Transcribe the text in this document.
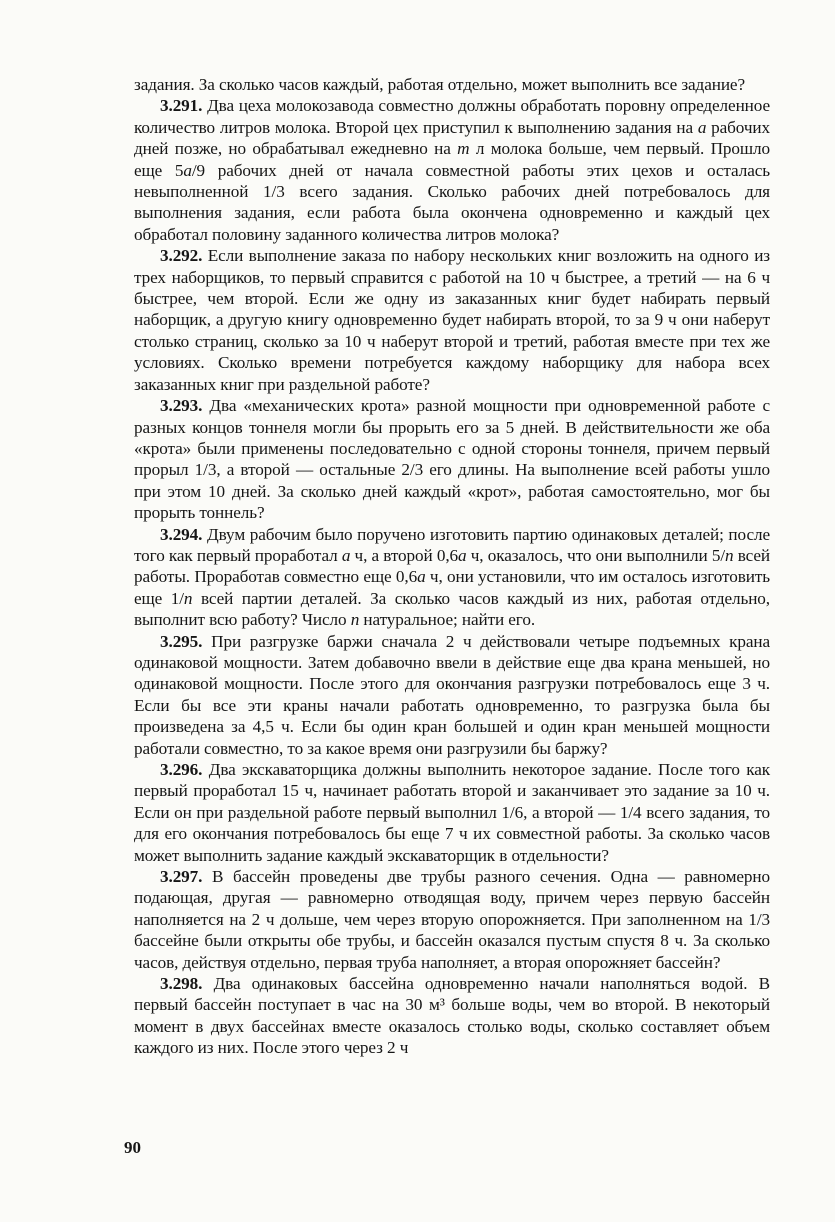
задания. За сколько часов каждый, работая отдельно, может выполнить все задание?

3.291. Два цеха молокозавода совместно должны обработать поровну определенное количество литров молока. Второй цех приступил к выполнению задания на a рабочих дней позже, но обрабатывал ежедневно на m л молока больше, чем первый. Прошло еще 5a/9 рабочих дней от начала совместной работы этих цехов и осталась невыполненной 1/3 всего задания. Сколько рабочих дней потребовалось для выполнения задания, если работа была окончена одновременно и каждый цех обработал половину заданного количества литров молока?

3.292. Если выполнение заказа по набору нескольких книг возложить на одного из трех наборщиков, то первый справится с работой на 10 ч быстрее, а третий — на 6 ч быстрее, чем второй. Если же одну из заказанных книг будет набирать первый наборщик, а другую книгу одновременно будет набирать второй, то за 9 ч они наберут столько страниц, сколько за 10 ч наберут второй и третий, работая вместе при тех же условиях. Сколько времени потребуется каждому наборщику для набора всех заказанных книг при раздельной работе?

3.293. Два «механических крота» разной мощности при одновременной работе с разных концов тоннеля могли бы прорыть его за 5 дней. В действительности же оба «крота» были применены последовательно с одной стороны тоннеля, причем первый прорыл 1/3, а второй — остальные 2/3 его длины. На выполнение всей работы ушло при этом 10 дней. За сколько дней каждый «крот», работая самостоятельно, мог бы прорыть тоннель?

3.294. Двум рабочим было поручено изготовить партию одинаковых деталей; после того как первый проработал a ч, а второй 0,6a ч, оказалось, что они выполнили 5/n всей работы. Проработав совместно еще 0,6a ч, они установили, что им осталось изготовить еще 1/n всей партии деталей. За сколько часов каждый из них, работая отдельно, выполнит всю работу? Число n натуральное; найти его.

3.295. При разгрузке баржи сначала 2 ч действовали четыре подъемных крана одинаковой мощности. Затем добавочно ввели в действие еще два крана меньшей, но одинаковой мощности. После этого для окончания разгрузки потребовалось еще 3 ч. Если бы все эти краны начали работать одновременно, то разгрузка была бы произведена за 4,5 ч. Если бы один кран большей и один кран меньшей мощности работали совместно, то за какое время они разгрузили бы баржу?

3.296. Два экскаваторщика должны выполнить некоторое задание. После того как первый проработал 15 ч, начинает работать второй и заканчивает это задание за 10 ч. Если он при раздельной работе первый выполнил 1/6, а второй — 1/4 всего задания, то для его окончания потребовалось бы еще 7 ч их совместной работы. За сколько часов может выполнить задание каждый экскаваторщик в отдельности?

3.297. В бассейн проведены две трубы разного сечения. Одна — равномерно подающая, другая — равномерно отводящая воду, причем через первую бассейн наполняется на 2 ч дольше, чем через вторую опорожняется. При заполненном на 1/3 бассейне были открыты обе трубы, и бассейн оказался пустым спустя 8 ч. За сколько часов, действуя отдельно, первая труба наполняет, а вторая опорожняет бассейн?

3.298. Два одинаковых бассейна одновременно начали наполняться водой. В первый бассейн поступает в час на 30 м³ больше воды, чем во второй. В некоторый момент в двух бассейнах вместе оказалось столько воды, сколько составляет объем каждого из них. После этого через 2 ч

90
